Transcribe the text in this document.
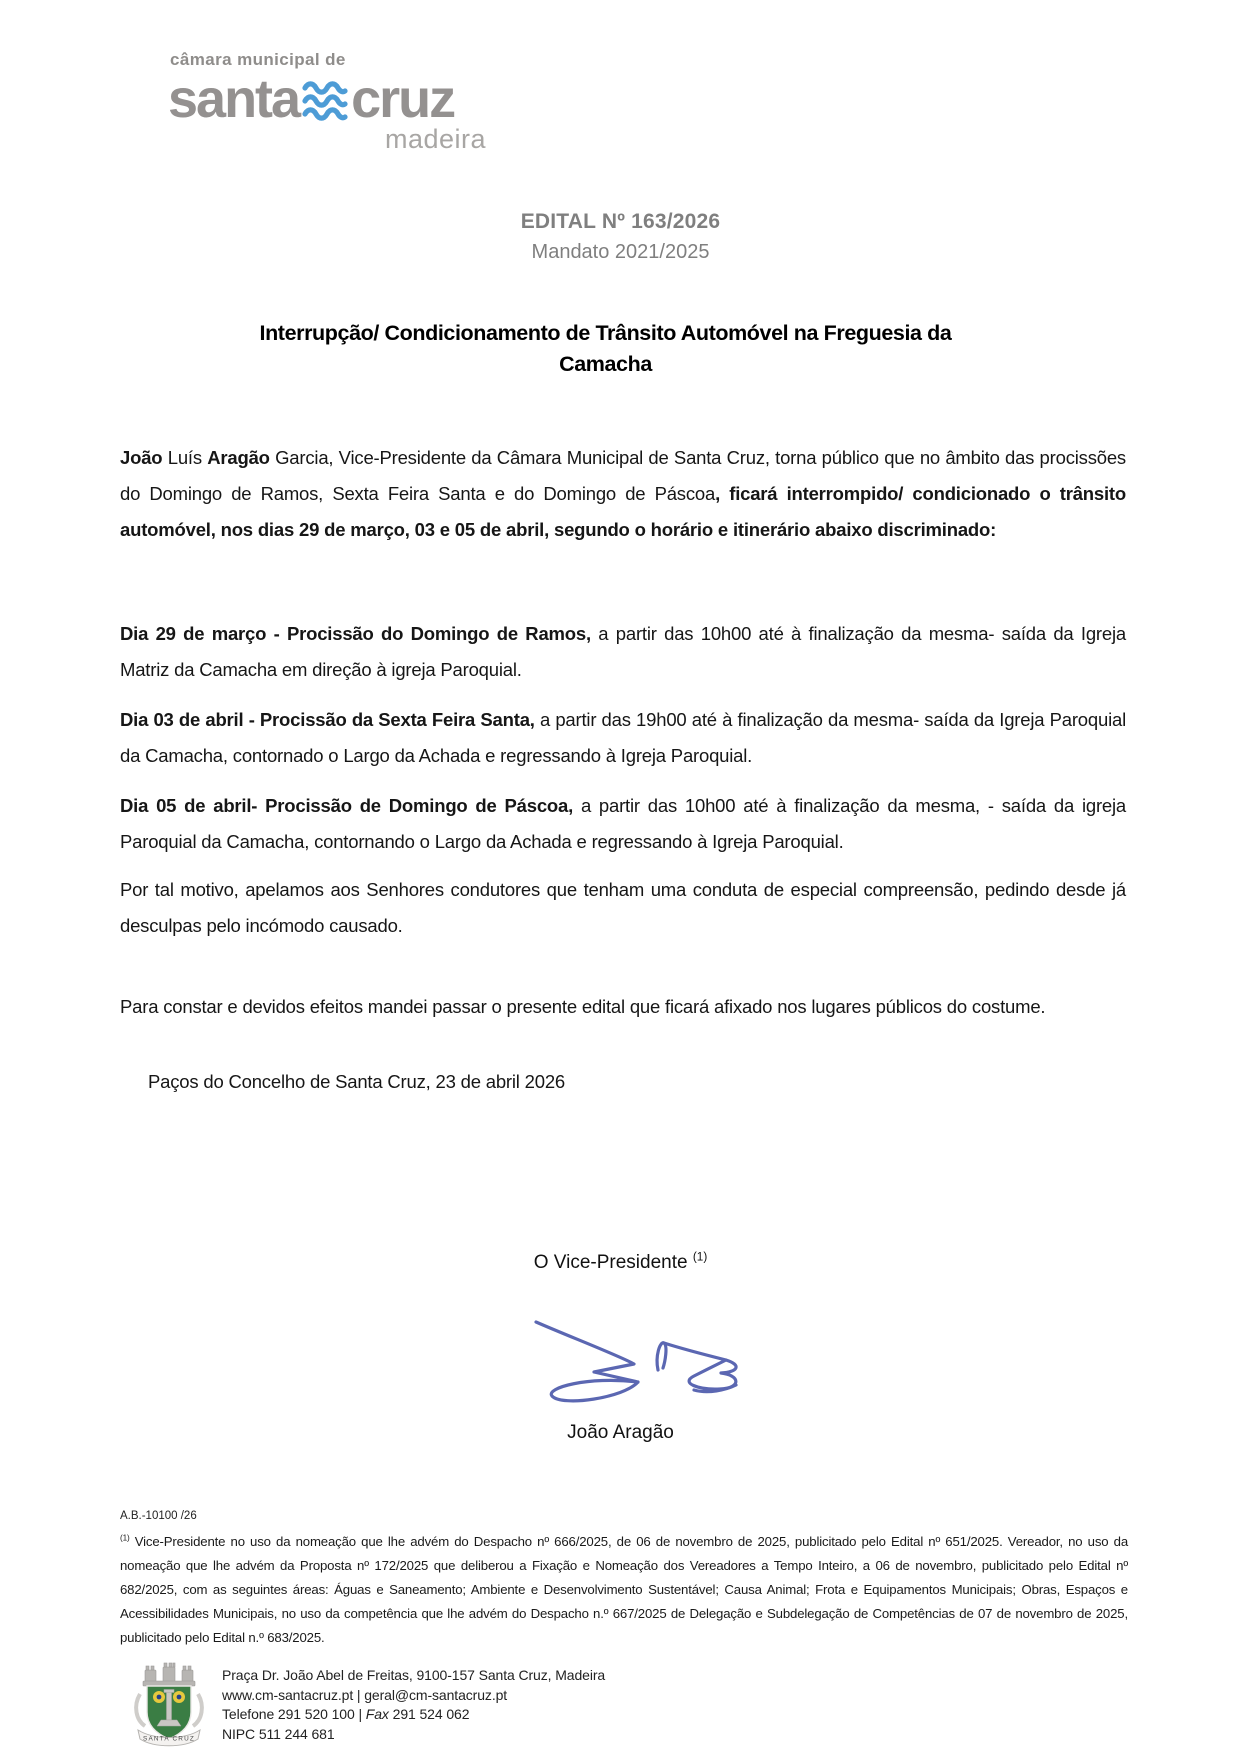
câmara municipal de
santa cruz
madeira
EDITAL Nº 163/2026
Mandato 2021/2025
Interrupção/ Condicionamento de Trânsito Automóvel na Freguesia da
Camacha

João Luís Aragão Garcia, Vice-Presidente da Câmara Municipal de Santa Cruz, torna público que no âmbito das procissões do Domingo de Ramos, Sexta Feira Santa e do Domingo de Páscoa, ficará interrompido/ condicionado o trânsito automóvel, nos dias 29 de março, 03 e 05 de abril, segundo o horário e itinerário abaixo discriminado:

Dia 29 de março - Procissão do Domingo de Ramos, a partir das 10h00 até à finalização da mesma- saída da Igreja Matriz da Camacha em direção à igreja Paroquial.

Dia 03 de abril - Procissão da Sexta Feira Santa, a partir das 19h00 até à finalização da mesma- saída da Igreja Paroquial da Camacha, contornado o Largo da Achada e regressando à Igreja Paroquial.

Dia 05 de abril- Procissão de Domingo de Páscoa, a partir das 10h00 até à finalização da mesma, - saída da igreja Paroquial da Camacha, contornando o Largo da Achada e regressando à Igreja Paroquial.

Por tal motivo, apelamos aos Senhores condutores que tenham uma conduta de especial compreensão, pedindo desde já desculpas pelo incómodo causado.

Para constar e devidos efeitos mandei passar o presente edital que ficará afixado nos lugares públicos do costume.

Paços do Concelho de Santa Cruz, 23 de abril 2026

O Vice-Presidente $^{(1)}$
João Aragão
A.B.-10100 /26
$^{(1)}$ Vice-Presidente no uso da nomeação que lhe advém do Despacho nº 666/2025, de 06 de novembro de 2025, publicitado pelo Edital nº 651/2025. Vereador, no uso da nomeação que lhe advém da Proposta nº 172/2025 que deliberou a Fixação e Nomeação dos Vereadores a Tempo Inteiro, a 06 de novembro, publicitado pelo Edital nº 682/2025, com as seguintes áreas: Águas e Saneamento; Ambiente e Desenvolvimento Sustentável; Causa Animal; Frota e Equipamentos Municipais; Obras, Espaços e Acessibilidades Municipais, no uso da competência que lhe advém do Despacho n.º 667/2025 de Delegação e Subdelegação de Competências de 07 de novembro de 2025, publicitado pelo Edital n.º 683/2025.
SANTA CRUZ
Praça Dr. João Abel de Freitas, 9100-157 Santa Cruz, Madeira
www.cm-santacruz.pt | geral@cm-santacruz.pt
Telefone 291 520 100 | Fax 291 524 062
NIPC 511 244 681
